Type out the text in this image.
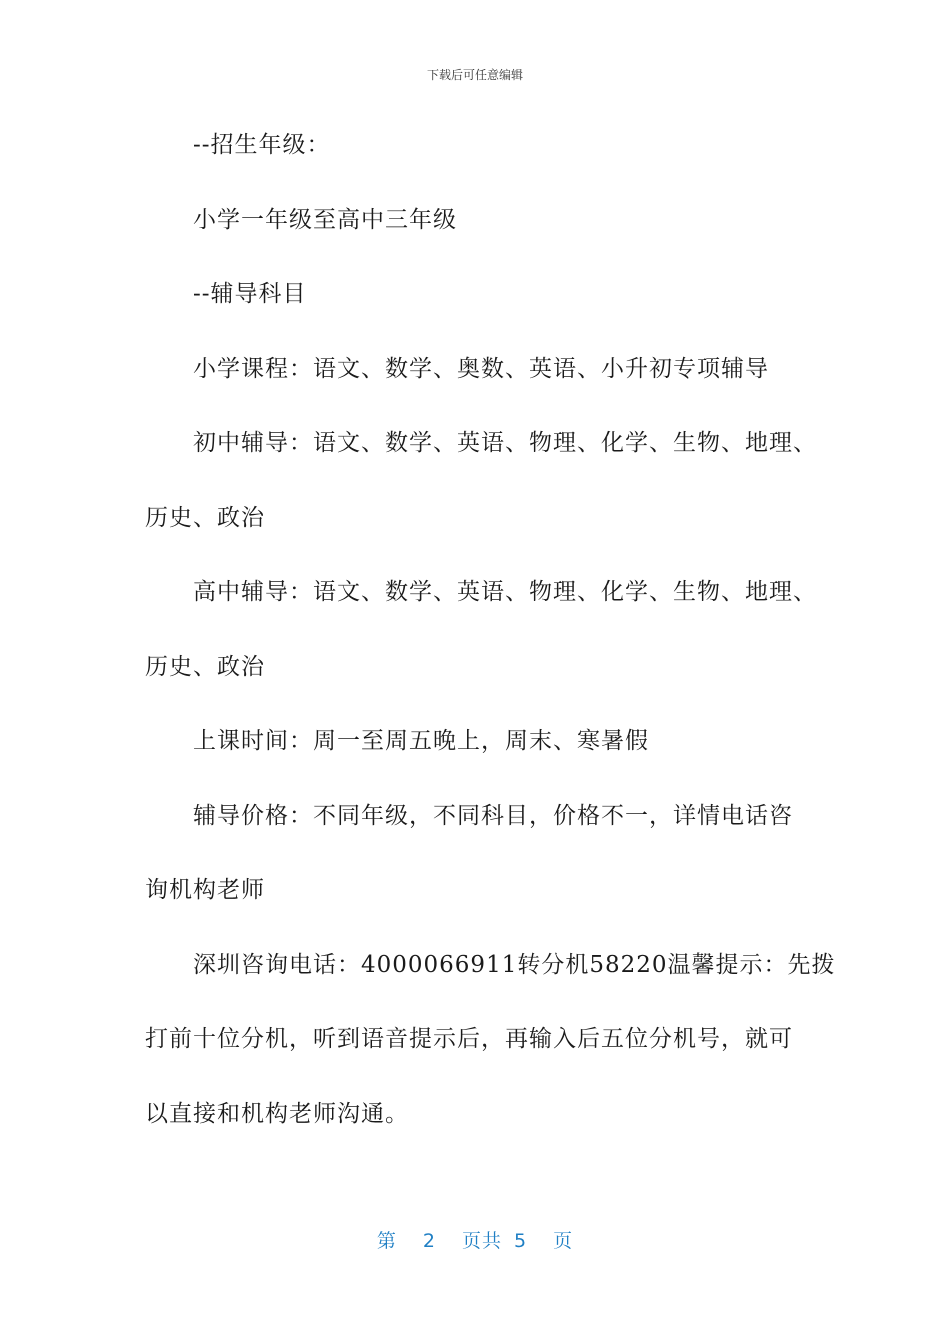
下载后可任意编辑
--招生年级：
小学一年级至高中三年级
--辅导科目
小学课程：语文、数学、奥数、英语、小升初专项辅导
初中辅导：语文、数学、英语、物理、化学、生物、地理、
历史、政治
高中辅导：语文、数学、英语、物理、化学、生物、地理、
历史、政治
上课时间：周一至周五晚上，周末、寒暑假
辅导价格：不同年级，不同科目，价格不一，详情电话咨
询机构老师
深圳咨询电话：4000066911转分机58220温馨提示：先拨
打前十位分机，听到语音提示后，再输入后五位分机号，就可
以直接和机构老师沟通。
第 2 页共 5 页
